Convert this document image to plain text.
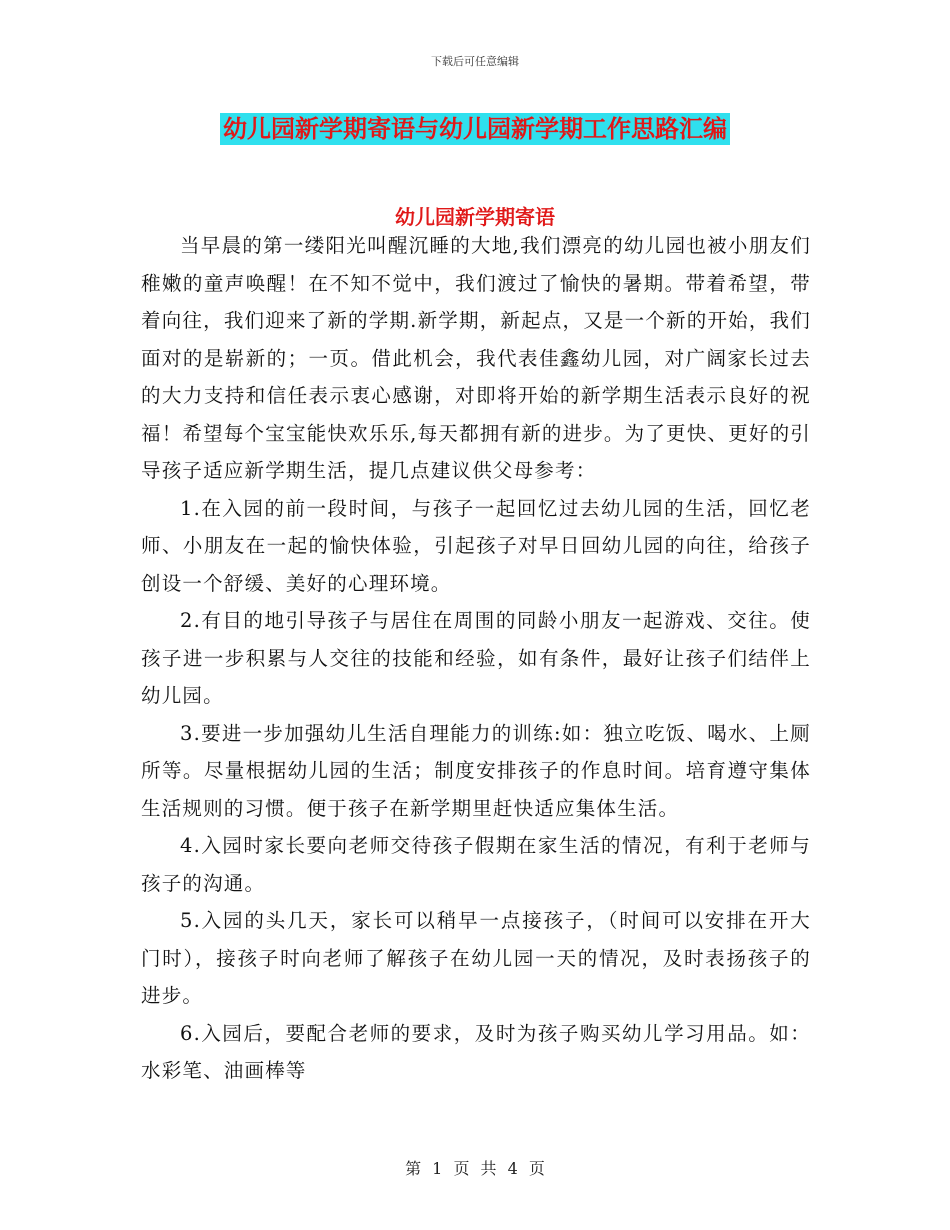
下载后可任意编辑
幼儿园新学期寄语与幼儿园新学期工作思路汇编
幼儿园新学期寄语

当早晨的第一缕阳光叫醒沉睡的大地,我们漂亮的幼儿园也被小朋友们稚嫩的童声唤醒！在不知不觉中，我们渡过了愉快的暑期。带着希望，带着向往，我们迎来了新的学期.新学期，新起点，又是一个新的开始，我们面对的是崭新的；一页。借此机会，我代表佳鑫幼儿园，对广阔家长过去的大力支持和信任表示衷心感谢，对即将开始的新学期生活表示良好的祝福！希望每个宝宝能快欢乐乐,每天都拥有新的进步。为了更快、更好的引导孩子适应新学期生活，提几点建议供父母参考：

1.在入园的前一段时间，与孩子一起回忆过去幼儿园的生活，回忆老师、小朋友在一起的愉快体验，引起孩子对早日回幼儿园的向往，给孩子创设一个舒缓、美好的心理环境。

2.有目的地引导孩子与居住在周围的同龄小朋友一起游戏、交往。使孩子进一步积累与人交往的技能和经验，如有条件，最好让孩子们结伴上幼儿园。

3.要进一步加强幼儿生活自理能力的训练:如：独立吃饭、喝水、上厕所等。尽量根据幼儿园的生活；制度安排孩子的作息时间。培育遵守集体生活规则的习惯。便于孩子在新学期里赶快适应集体生活。

4.入园时家长要向老师交待孩子假期在家生活的情况，有利于老师与孩子的沟通。

5.入园的头几天，家长可以稍早一点接孩子，（时间可以安排在开大门时），接孩子时向老师了解孩子在幼儿园一天的情况，及时表扬孩子的进步。

6.入园后，要配合老师的要求，及时为孩子购买幼儿学习用品。如：水彩笔、油画棒等

第 1 页 共 4 页
